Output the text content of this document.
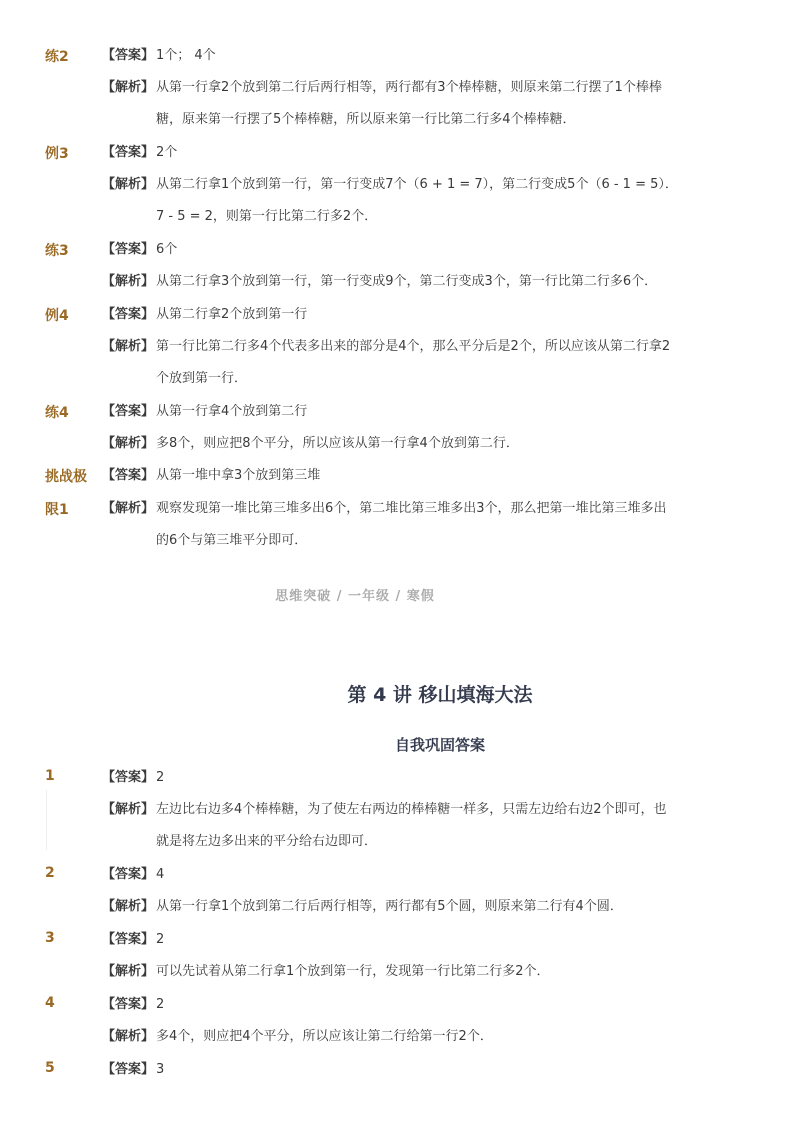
练2	【答案】 1个； 4个
【解析】 从第一行拿2个放到第二行后两行相等，两行都有3个棒棒糖，则原来第二行摆了1个棒棒
糖，原来第一行摆了5个棒棒糖，所以原来第一行比第二行多4个棒棒糖．
例3	【答案】 2个
【解析】 从第二行拿1个放到第一行，第一行变成7个（6 + 1 = 7），第二行变成5个（6 - 1 = 5）．
7 - 5 = 2，则第一行比第二行多2个．
练3	【答案】 6个
【解析】 从第二行拿3个放到第一行，第一行变成9个，第二行变成3个，第一行比第二行多6个．
例4	【答案】 从第二行拿2个放到第一行
【解析】 第一行比第二行多4个代表多出来的部分是4个，那么平分后是2个，所以应该从第二行拿2
个放到第一行．
练4	【答案】 从第一行拿4个放到第二行
【解析】 多8个，则应把8个平分，所以应该从第一行拿4个放到第二行．
挑战极
限1
【答案】 从第一堆中拿3个放到第三堆
【解析】 观察发现第一堆比第三堆多出6个，第二堆比第三堆多出3个，那么把第一堆比第三堆多出
的6个与第三堆平分即可．
思维突破 / 一年级 / 寒假
第 4 讲 移山填海大法
自我巩固答案
1	【答案】 2
【解析】 左边比右边多4个棒棒糖，为了使左右两边的棒棒糖一样多，只需左边给右边2个即可，也
就是将左边多出来的平分给右边即可．
2	【答案】 4
【解析】 从第一行拿1个放到第二行后两行相等，两行都有5个圆，则原来第二行有4个圆．
3	【答案】 2
【解析】 可以先试着从第二行拿1个放到第一行，发现第一行比第二行多2个．
4	【答案】 2
【解析】 多4个，则应把4个平分，所以应该让第二行给第一行2个．
5	【答案】 3
